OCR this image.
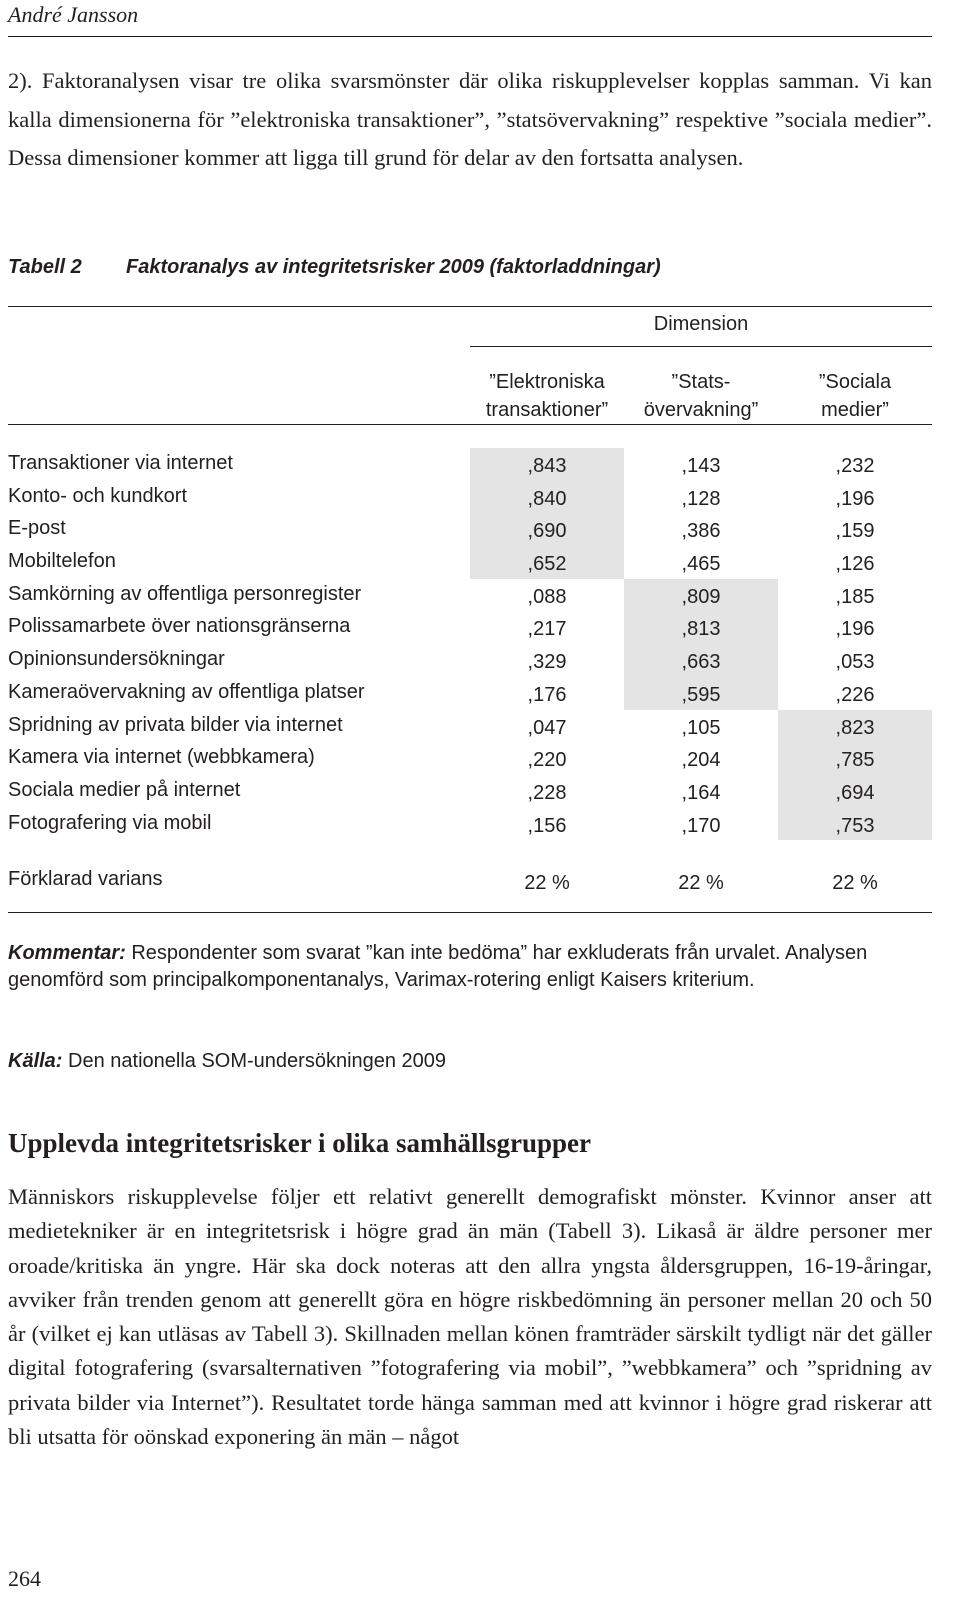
André Jansson

2). Faktoranalysen visar tre olika svarsmönster där olika riskupplevelser kopplas samman. Vi kan kalla dimensionerna för ”elektroniska transaktioner”, ”statsövervakning” respektive ”sociala medier”. Dessa dimensioner kommer att ligga till grund för delar av den fortsatta analysen.

Tabell 2 Faktoranalys av integritetsrisker 2009 (faktorladdningar)
Dimension
”Elektroniska
transaktioner”
”Stats-
övervakning”
”Sociala
medier”
Transaktioner via internet	,843	,143	,232
Konto- och kundkort	,840	,128	,196
E-post	,690	,386	,159
Mobiltelefon	,652	,465	,126
Samkörning av offentliga personregister	,088	,809	,185
Polissamarbete över nationsgränserna	,217	,813	,196
Opinionsundersökningar	,329	,663	,053
Kameraövervakning av offentliga platser	,176	,595	,226
Spridning av privata bilder via internet	,047	,105	,823
Kamera via internet (webbkamera)	,220	,204	,785
Sociala medier på internet	,228	,164	,694
Fotografering via mobil	,156	,170	,753
Förklarad varians	22 %	22 %	22 %

Kommentar: Respondenter som svarat ”kan inte bedöma” har exkluderats från urvalet. Analysen genomförd som principalkomponentanalys, Varimax-rotering enligt Kaisers kriterium.

Källa: Den nationella SOM-undersökningen 2009

Upplevda integritetsrisker i olika samhällsgrupper

Människors riskupplevelse följer ett relativt generellt demografiskt mönster. Kvinnor anser att medietekniker är en integritetsrisk i högre grad än män (Tabell 3). Likaså är äldre personer mer oroade/kritiska än yngre. Här ska dock noteras att den allra yngsta åldersgruppen, 16-19-åringar, avviker från trenden genom att generellt göra en högre riskbedömning än personer mellan 20 och 50 år (vilket ej kan utläsas av Tabell 3). Skillnaden mellan könen framträder särskilt tydligt när det gäller digital fotografering (svarsalternativen ”fotografering via mobil”, ”webbkamera” och ”spridning av privata bilder via Internet”). Resultatet torde hänga samman med att kvinnor i högre grad riskerar att bli utsatta för oönskad exponering än män – något

264
